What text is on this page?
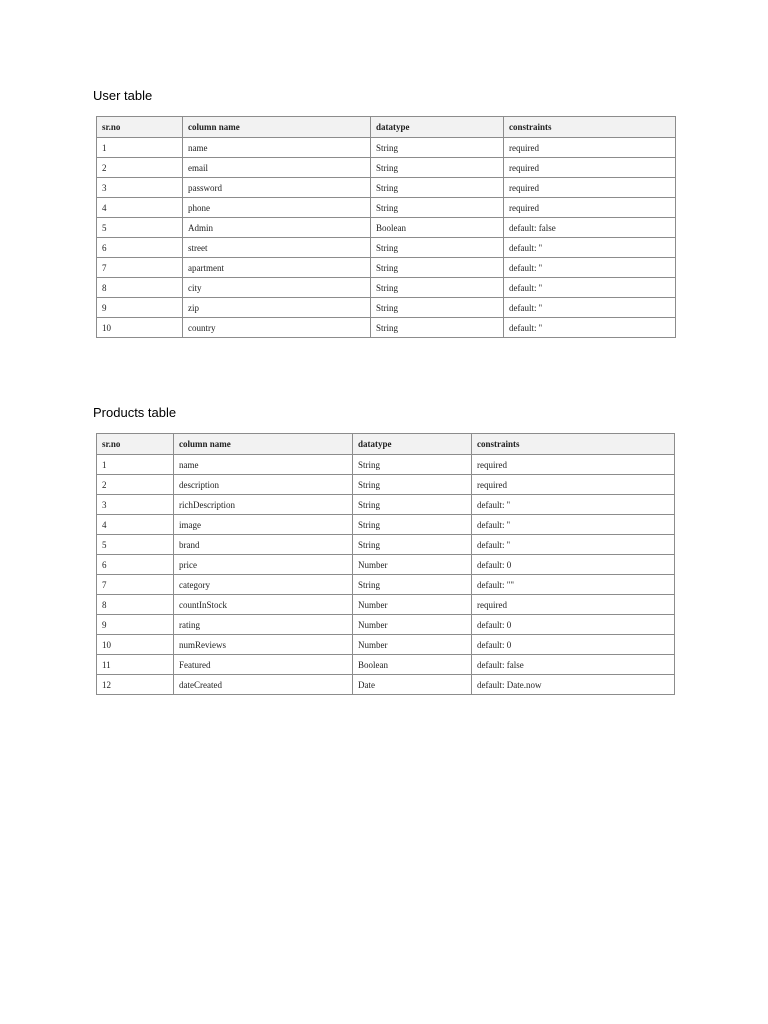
User table
sr.no	column name	datatype	constraints
1	name	String	required
2	email	String	required
3	password	String	required
4	phone	String	required
5	Admin	Boolean	default: false
6	street	String	default: ''
7	apartment	String	default: ''
8	city	String	default: ''
9	zip	String	default: ''
10	country	String	default: ''
Products table
sr.no	column name	datatype	constraints
1	name	String	required
2	description	String	required
3	richDescription	String	default: ''
4	image	String	default: ''
5	brand	String	default: ''
6	price	Number	default: 0
7	category	String	default: ""
8	countInStock	Number	required
9	rating	Number	default: 0
10	numReviews	Number	default: 0
11	Featured	Boolean	default: false
12	dateCreated	Date	default: Date.now
